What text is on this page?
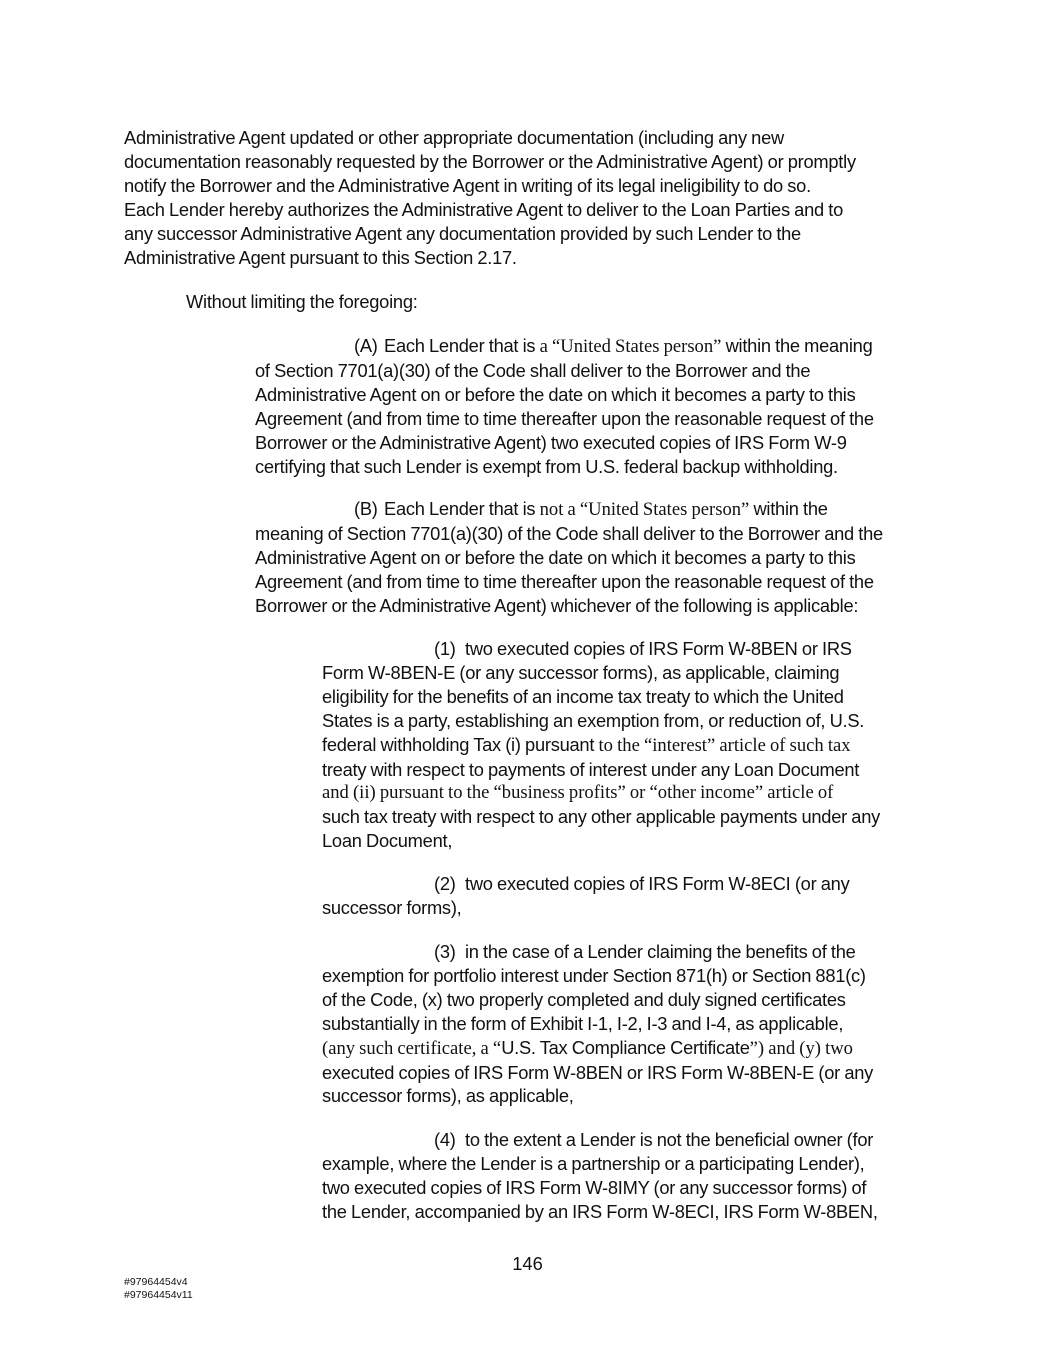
Administrative Agent updated or other appropriate documentation (including any new
documentation reasonably requested by the Borrower or the Administrative Agent) or promptly
notify the Borrower and the Administrative Agent in writing of its legal ineligibility to do so.
Each Lender hereby authorizes the Administrative Agent to deliver to the Loan Parties and to
any successor Administrative Agent any documentation provided by such Lender to the
Administrative Agent pursuant to this Section 2.17.
Without limiting the foregoing:
(A) Each Lender that is a “United States person” within the meaning
of Section 7701(a)(30) of the Code shall deliver to the Borrower and the
Administrative Agent on or before the date on which it becomes a party to this
Agreement (and from time to time thereafter upon the reasonable request of the
Borrower or the Administrative Agent) two executed copies of IRS Form W-9
certifying that such Lender is exempt from U.S. federal backup withholding.
(B) Each Lender that is not a “United States person” within the
meaning of Section 7701(a)(30) of the Code shall deliver to the Borrower and the
Administrative Agent on or before the date on which it becomes a party to this
Agreement (and from time to time thereafter upon the reasonable request of the
Borrower or the Administrative Agent) whichever of the following is applicable:
(1) two executed copies of IRS Form W-8BEN or IRS
Form W-8BEN-E (or any successor forms), as applicable, claiming
eligibility for the benefits of an income tax treaty to which the United
States is a party, establishing an exemption from, or reduction of, U.S.
federal withholding Tax (i) pursuant to the “interest” article of such tax
treaty with respect to payments of interest under any Loan Document
and (ii) pursuant to the “business profits” or “other income” article of
such tax treaty with respect to any other applicable payments under any
Loan Document,
(2) two executed copies of IRS Form W-8ECI (or any
successor forms),
(3) in the case of a Lender claiming the benefits of the
exemption for portfolio interest under Section 871(h) or Section 881(c)
of the Code, (x) two properly completed and duly signed certificates
substantially in the form of Exhibit I-1, I-2, I-3 and I-4, as applicable,
(any such certificate, a “U.S. Tax Compliance Certificate”) and (y) two
executed copies of IRS Form W-8BEN or IRS Form W-8BEN-E (or any
successor forms), as applicable,
(4) to the extent a Lender is not the beneficial owner (for
example, where the Lender is a partnership or a participating Lender),
two executed copies of IRS Form W-8IMY (or any successor forms) of
the Lender, accompanied by an IRS Form W-8ECI, IRS Form W-8BEN,
146
#97964454v4
#97964454v11
